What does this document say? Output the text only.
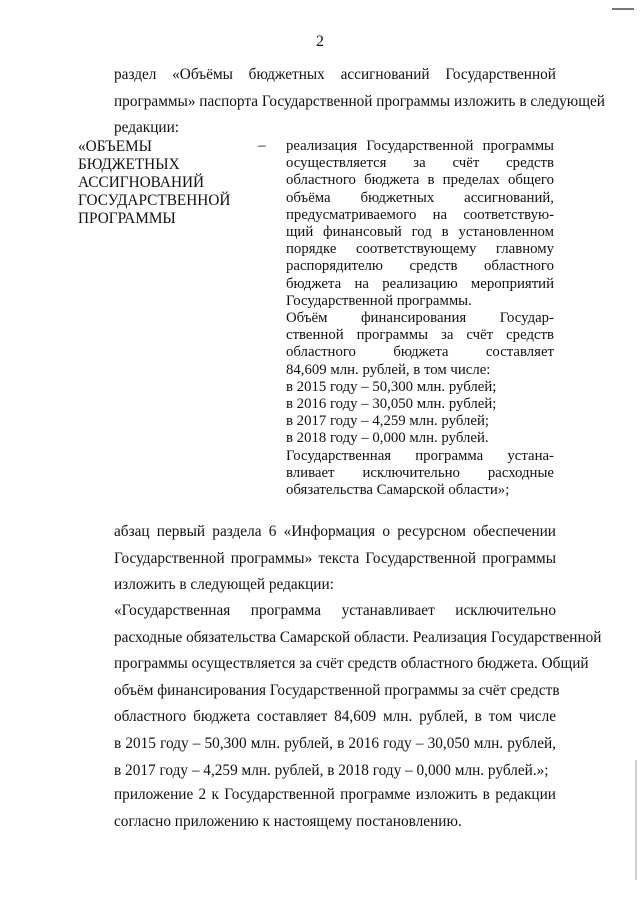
2
раздел «Объёмы бюджетных ассигнований Государственной
программы» паспорта Государственной программы изложить в следующей
редакции:
«ОБЪЕМЫ
БЮДЖЕТНЫХ
АССИГНОВАНИЙ
ГОСУДАРСТВЕННОЙ
ПРОГРАММЫ
– реализация Государственной программы
осуществляется за счёт средств
областного бюджета в пределах общего
объёма бюджетных ассигнований,
предусматриваемого на соответствую-
щий финансовый год в установленном
порядке соответствующему главному
распорядителю средств областного
бюджета на реализацию мероприятий
Государственной программы.
Объём финансирования Государ-
ственной программы за счёт средств
областного бюджета составляет
84,609 млн. рублей, в том числе:
в 2015 году – 50,300 млн. рублей;
в 2016 году – 30,050 млн. рублей;
в 2017 году – 4,259 млн. рублей;
в 2018 году – 0,000 млн. рублей.
Государственная программа устана-
вливает исключительно расходные
обязательства Самарской области»;
абзац первый раздела 6 «Информация о ресурсном обеспечении
Государственной программы» текста Государственной программы
изложить в следующей редакции:
«Государственная программа устанавливает исключительно
расходные обязательства Самарской области. Реализация Государственной
программы осуществляется за счёт средств областного бюджета. Общий
объём финансирования Государственной программы за счёт средств
областного бюджета составляет 84,609 млн. рублей, в том числе
в 2015 году – 50,300 млн. рублей, в 2016 году – 30,050 млн. рублей,
в 2017 году – 4,259 млн. рублей, в 2018 году – 0,000 млн. рублей.»;
приложение 2 к Государственной программе изложить в редакции
согласно приложению к настоящему постановлению.
